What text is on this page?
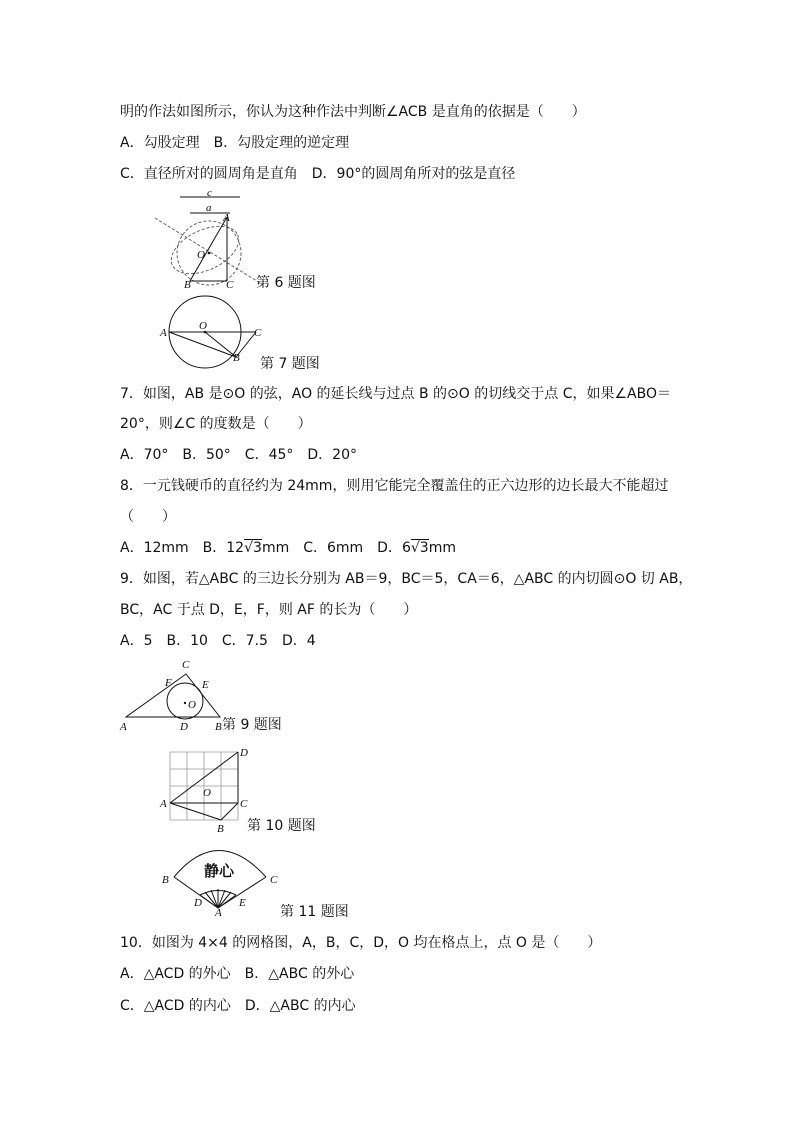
明的作法如图所示，你认为这种作法中判断∠ACB 是直角的依据是（　　）
A．勾股定理　B．勾股定理的逆定理
C．直径所对的圆周角是直角　D．90°的圆周角所对的弦是直径
c
a
A
O
B	C 第 6 题图
A
O
C
B 第 7 题图
7．如图，AB 是⊙O 的弦，AO 的延长线与过点 B 的⊙O 的切线交于点 C，如果∠ABO＝
20°，则∠C 的度数是（　　）
A．70°　B．50°　C．45°　D．20°
8．一元钱硬币的直径约为 24mm，则用它能完全覆盖住的正六边形的边长最大不能超过
（　　）
A．12mm　B．12√3mm　C．6mm　D．6√3mm
9．如图，若△ABC 的三边长分别为 AB＝9，BC＝5，CA＝6，△ABC 的内切圆⊙O 切 AB，
BC，AC 于点 D，E，F，则 AF 的长为（　　）
A．5　B．10　C．7.5　D．4
C
F	E
O
A	D B 第 9 题图
D
A
O
C
B 第 10 题图
静心
B	C
D	E
A	第 11 题图
10．如图为 4×4 的网格图，A，B，C，D，O 均在格点上，点 O 是（　　）
A．△ACD 的外心　B．△ABC 的外心
C．△ACD 的内心　D．△ABC 的内心
